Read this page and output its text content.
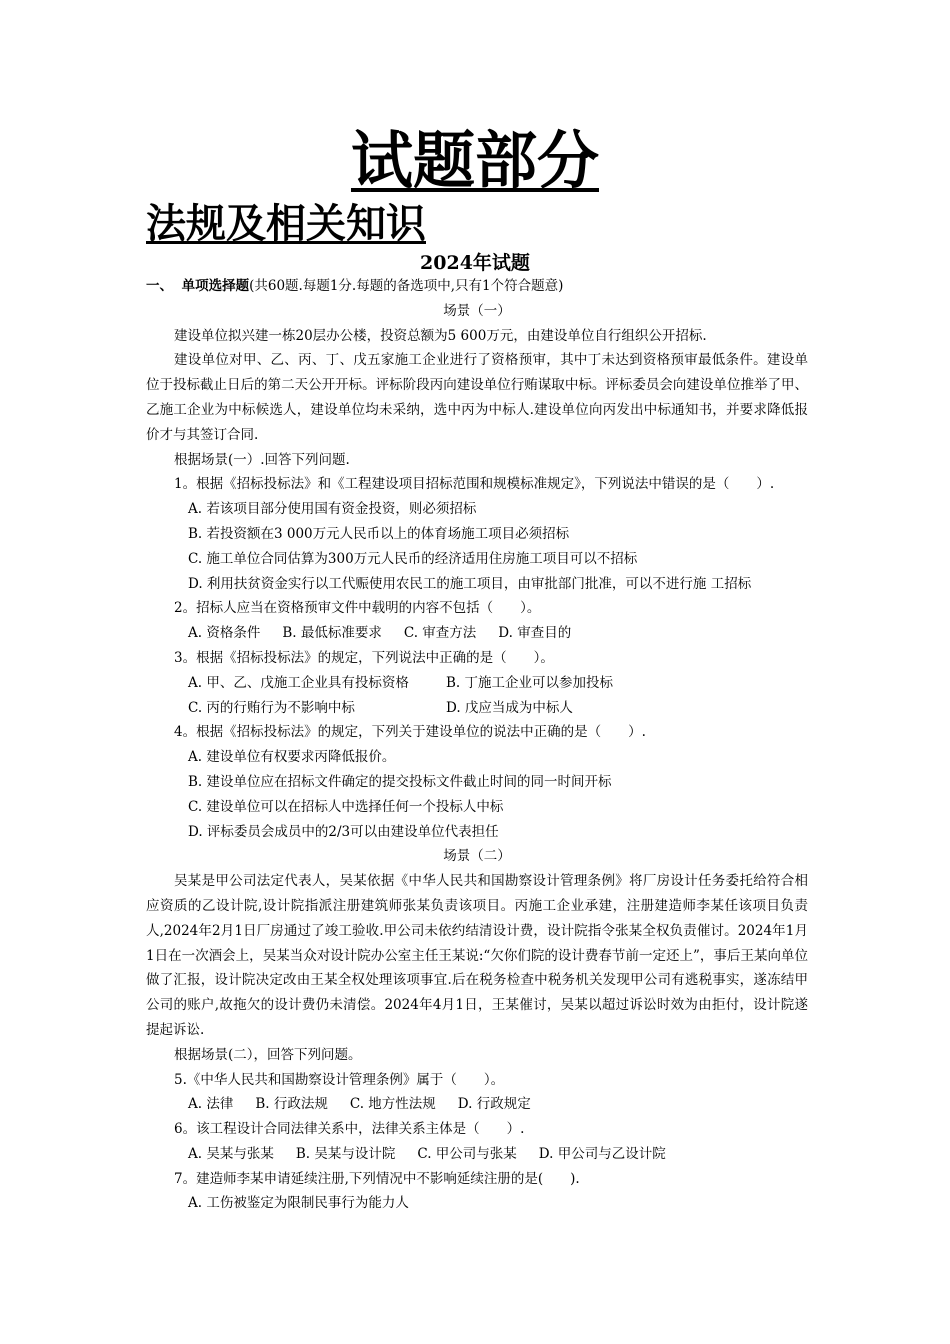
试题部分
法规及相关知识
2024年试题
一、 单项选择题(共60题.每题1分.每题的备选项中,只有1个符合题意)
场景（一）
建设单位拟兴建一栋20层办公楼，投资总额为5 600万元，由建设单位自行组织公开招标.
建设单位对甲、乙、丙、丁、戊五家施工企业进行了资格预审，其中丁未达到资格预审最低条件。建设单位于投标截止日后的第二天公开开标。评标阶段丙向建设单位行贿谋取中标。评标委员会向建设单位推举了甲、乙施工企业为中标候选人，建设单位均未采纳，选中丙为中标人.建设单位向丙发出中标通知书，并要求降低报价才与其签订合同.
根据场景(一）.回答下列问题.
1。根据《招标投标法》和《工程建设项目招标范围和规模标准规定》，下列说法中错误的是（　　）.
A. 若该项目部分使用国有资金投资，则必须招标
B. 若投资额在3 000万元人民币以上的体育场施工项目必须招标
C. 施工单位合同估算为300万元人民币的经济适用住房施工项目可以不招标
D. 利用扶贫资金实行以工代赈使用农民工的施工项目，由审批部门批准，可以不进行施 工招标
2。招标人应当在资格预审文件中载明的内容不包括（　　）。
A. 资格条件 B. 最低标准要求 C. 审查方法 D. 审查目的
3。根据《招标投标法》的规定，下列说法中正确的是（　　）。
A. 甲、乙、戊施工企业具有投标资格	B. 丁施工企业可以参加投标
C. 丙的行贿行为不影响中标	D. 戊应当成为中标人
4。根据《招标投标法》的规定，下列关于建设单位的说法中正确的是（　　）.
A. 建设单位有权要求丙降低报价。
B. 建设单位应在招标文件确定的提交投标文件截止时间的同一时间开标
C. 建设单位可以在招标人中选择任何一个投标人中标
D. 评标委员会成员中的2/3可以由建设单位代表担任
场景（二）
吴某是甲公司法定代表人，吴某依据《中华人民共和国勘察设计管理条例》将厂房设计任务委托给符合相应资质的乙设计院,设计院指派注册建筑师张某负责该项目。丙施工企业承建，注册建造师李某任该项目负责人,2024年2月1日厂房通过了竣工验收.甲公司未依约结清设计费，设计院指令张某全权负责催讨。2024年1月1日在一次酒会上，吴某当众对设计院办公室主任王某说:“欠你们院的设计费春节前一定还上”，事后王某向单位做了汇报，设计院决定改由王某全权处理该项事宜.后在税务检查中税务机关发现甲公司有逃税事实，遂冻结甲公司的账户,故拖欠的设计费仍未清偿。2024年4月1日，王某催讨，吴某以超过诉讼时效为由拒付，设计院遂提起诉讼.
根据场景(二），回答下列问题。
5.《中华人民共和国勘察设计管理条例》属于（　　）。
A. 法律 B. 行政法规 C. 地方性法规 D. 行政规定
6。该工程设计合同法律关系中，法律关系主体是（　　）.
A. 吴某与张某 B. 吴某与设计院 C. 甲公司与张某 D. 甲公司与乙设计院
7。建造师李某申请延续注册,下列情况中不影响延续注册的是(　　).
A. 工伤被鉴定为限制民事行为能力人
